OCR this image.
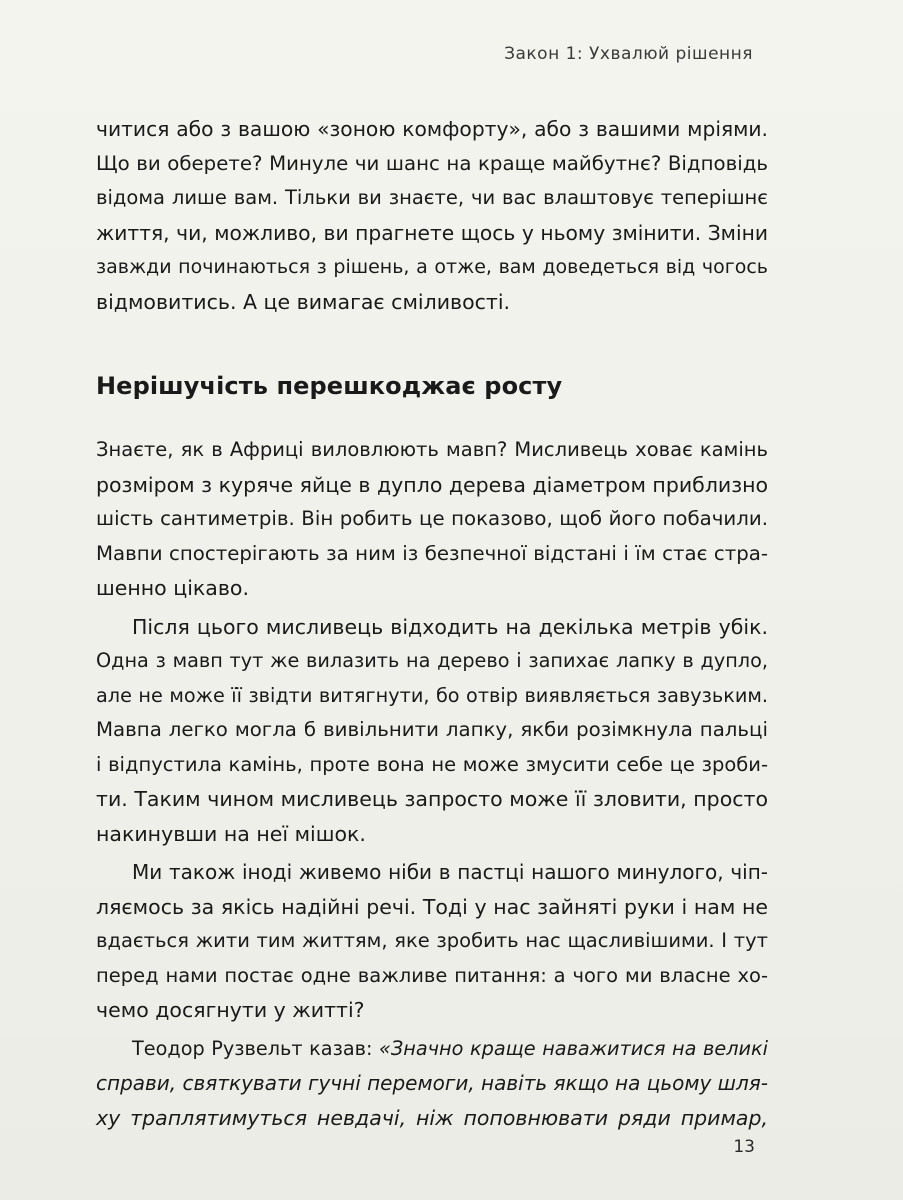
Закон 1: Ухвалюй рішення
читися або з вашою «зоною комфорту», або з вашими мріями.
Що ви оберете? Минуле чи шанс на краще майбутнє? Відповідь
відома лише вам. Тільки ви знаєте, чи вас влаштовує теперішнє
життя, чи, можливо, ви прагнете щось у ньому змінити. Зміни
завжди починаються з рішень, а отже, вам доведеться від чогось
відмовитись. А це вимагає сміливості.
Нерішучість перешкоджає росту
Знаєте, як в Африці виловлюють мавп? Мисливець ховає камінь
розміром з куряче яйце в дупло дерева діаметром приблизно
шість сантиметрів. Він робить це показово, щоб його побачили.
Мавпи спостерігають за ним із безпечної відстані і їм стає стра-
шенно цікаво.
Після цього мисливець відходить на декілька метрів убік.
Одна з мавп тут же вилазить на дерево і запихає лапку в дупло,
але не може її звідти витягнути, бо отвір виявляється завузьким.
Мавпа легко могла б вивільнити лапку, якби розімкнула пальці
і відпустила камінь, проте вона не може змусити себе це зроби-
ти. Таким чином мисливець запросто може її зловити, просто
накинувши на неї мішок.
Ми також іноді живемо ніби в пастці нашого минулого, чіп-
ляємось за якісь надійні речі. Тоді у нас зайняті руки і нам не
вдається жити тим життям, яке зробить нас щасливішими. І тут
перед нами постає одне важливе питання: а чого ми власне хо-
чемо досягнути у житті?
Теодор Рузвельт казав: «Значно краще наважитися на великі
справи, святкувати гучні перемоги, навіть якщо на цьому шля-
ху траплятимуться невдачі, ніж поповнювати ряди примар,
13
